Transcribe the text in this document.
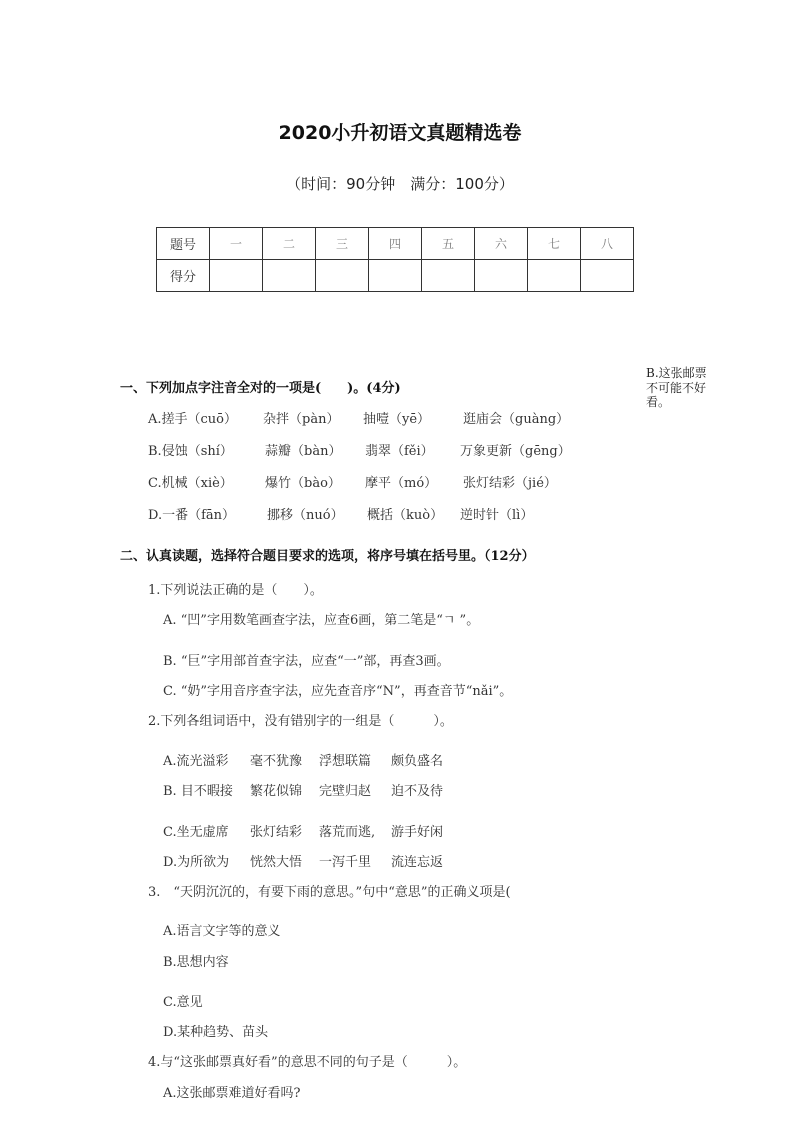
2020小升初语文真题精选卷
（时间：90分钟　满分：100分）
题号	一	二	三	四	五	六	七	八
得分								
B.这张邮票不可能不好看。
一、下列加点字注音全对的一项是(　　)。(4分)
A.搓手（cuō） 杂拌（pàn） 抽噎（yē）	逛庙会（guàng）
B.侵蚀（shí） 蒜瓣（bàn） 翡翠（fěi） 万象更新（gēng）
C.机械（xiè） 爆竹（bào） 摩平（mó） 张灯结彩（jié）
D.一番（fān） 挪移（nuó） 概括（kuò） 逆时针（lì）
二、认真读题，选择符合题目要求的选项，将序号填在括号里。（12分）
1.下列说法正确的是（　　）。
A. “凹”字用数笔画查字法，应查6画，第二笔是“ㄱ ”。
B. “巨”字用部首查字法，应查“一”部，再查3画。
C. “奶”字用音序查字法，应先查音序“N”，再查音节“nǎi”。
2.下列各组词语中，没有错别字的一组是（　　　）。
A.流光溢彩 毫不犹豫 浮想联篇 颇负盛名
B. 目不暇接 繁花似锦 完壁归赵 迫不及待
C.坐无虚席 张灯结彩 落荒而逃, 游手好闲
D.为所欲为 恍然大悟 一泻千里 流连忘返
3.　“天阴沉沉的，有要下雨的意思。”句中“意思”的正确义项是(
A.语言文字等的意义
B.思想内容
C.意见
D.某种趋势、苗头
4.与“这张邮票真好看”的意思不同的句子是（　　　）。
A.这张邮票难道好看吗?
